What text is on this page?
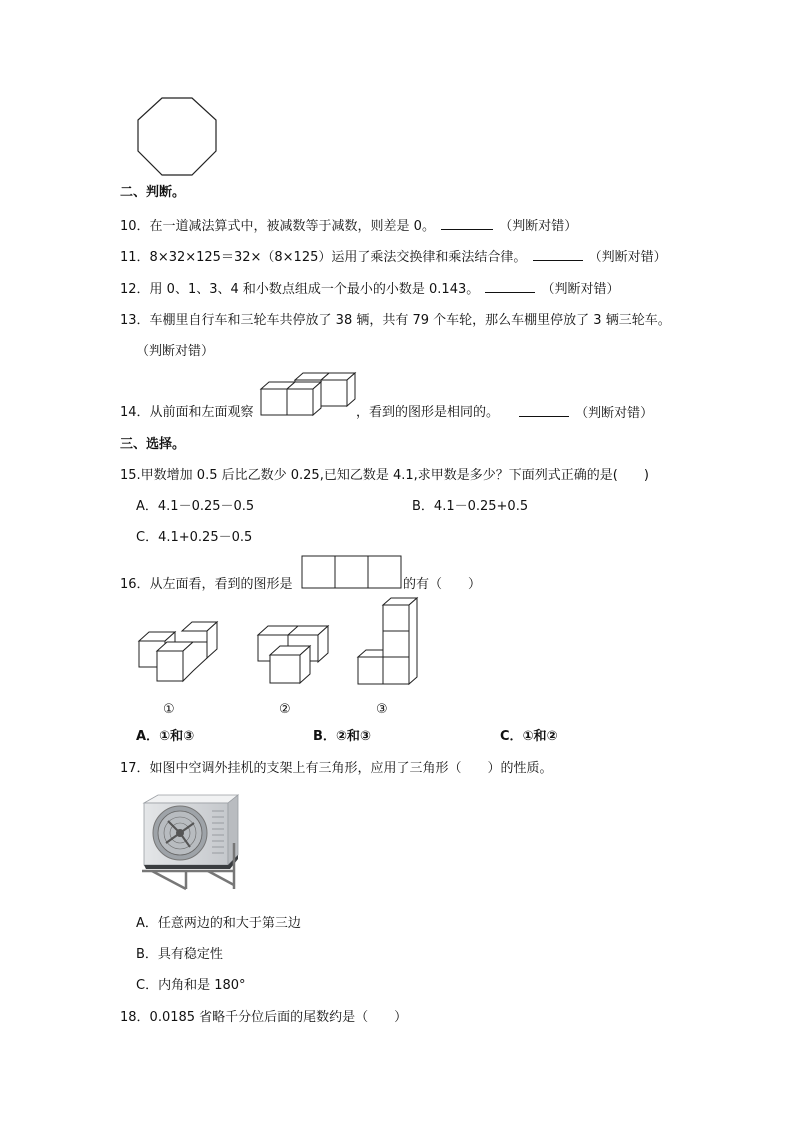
二、判断。
10．在一道减法算式中，被减数等于减数，则差是 0。	（判断对错）
11．8×32×125＝32×（8×125）运用了乘法交换律和乘法结合律。	（判断对错）
12．用 0、1、3、4 和小数点组成一个最小的小数是 0.143。	（判断对错）
13．车棚里自行车和三轮车共停放了 38 辆，共有 79 个车轮，那么车棚里停放了 3 辆三轮车。
（判断对错）
14．从前面和左面观察	，看到的图形是相同的。	（判断对错）
三、选择。
15.甲数增加 0.5 后比乙数少 0.25,已知乙数是 4.1,求甲数是多少？下面列式正确的是(　　)
A．4.1－0.25－0.5	B．4.1－0.25+0.5
C．4.1+0.25－0.5
16．从左面看，看到的图形是	的有（　　）
①	②	③
A．①和③	B．②和③	C．①和②
17．如图中空调外挂机的支架上有三角形，应用了三角形（　　）的性质。
A．任意两边的和大于第三边
B．具有稳定性
C．内角和是 180°
18．0.0185 省略千分位后面的尾数约是（　　）
